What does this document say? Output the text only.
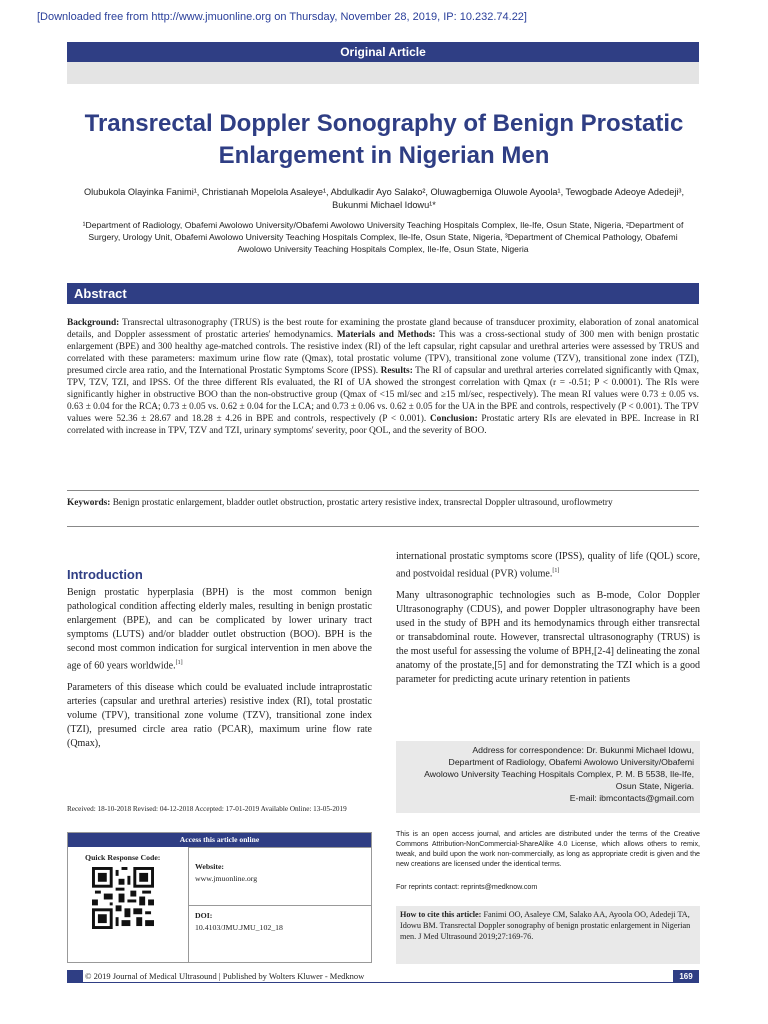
[Downloaded free from http://www.jmuonline.org on Thursday, November 28, 2019, IP: 10.232.74.22]
Original Article
Transrectal Doppler Sonography of Benign Prostatic Enlargement in Nigerian Men
Olubukola Olayinka Fanimi¹, Christianah Mopelola Asaleye¹, Abdulkadir Ayo Salako², Oluwagbemiga Oluwole Ayoola¹, Tewogbade Adeoye Adedeji³, Bukunmi Michael Idowu¹*
¹Department of Radiology, Obafemi Awolowo University/Obafemi Awolowo University Teaching Hospitals Complex, Ile-Ife, Osun State, Nigeria, ²Department of Surgery, Urology Unit, Obafemi Awolowo University Teaching Hospitals Complex, Ile-Ife, Osun State, Nigeria, ³Department of Chemical Pathology, Obafemi Awolowo University Teaching Hospitals Complex, Ile-Ife, Osun State, Nigeria
Abstract
Background: Transrectal ultrasonography (TRUS) is the best route for examining the prostate gland because of transducer proximity, elaboration of zonal anatomical details, and Doppler assessment of prostatic arteries' hemodynamics. Materials and Methods: This was a cross-sectional study of 300 men with benign prostatic enlargement (BPE) and 300 healthy age-matched controls. The resistive index (RI) of the left capsular, right capsular and urethral arteries were assessed by TRUS and correlated with these parameters: maximum urine flow rate (Qmax), total prostatic volume (TPV), transitional zone volume (TZV), transitional zone index (TZI), presumed circle area ratio, and the International Prostatic Symptoms Score (IPSS). Results: The RI of capsular and urethral arteries correlated significantly with Qmax, TPV, TZV, TZI, and IPSS. Of the three different RIs evaluated, the RI of UA showed the strongest correlation with Qmax (r = -0.51; P < 0.0001). The RIs were significantly higher in obstructive BOO than the non-obstructive group (Qmax of <15 ml/sec and ≥15 ml/sec, respectively). The mean RI values were 0.73 ± 0.05 vs. 0.63 ± 0.04 for the RCA; 0.73 ± 0.05 vs. 0.62 ± 0.04 for the LCA; and 0.73 ± 0.06 vs. 0.62 ± 0.05 for the UA in the BPE and controls, respectively (P < 0.001). The TPV values were 52.36 ± 28.67 and 18.28 ± 4.26 in BPE and controls, respectively (P < 0.001). Conclusion: Prostatic artery RIs are elevated in BPE. Increase in RI correlated with increase in TPV, TZV and TZI, urinary symptoms' severity, poor QOL, and the severity of BOO.
Keywords: Benign prostatic enlargement, bladder outlet obstruction, prostatic artery resistive index, transrectal Doppler ultrasound, uroflowmetry
Introduction

Benign prostatic hyperplasia (BPH) is the most common benign pathological condition affecting elderly males, resulting in benign prostatic enlargement (BPE), and can be complicated by lower urinary tract symptoms (LUTS) and/or bladder outlet obstruction (BOO). BPH is the second most common indication for surgical intervention in men above the age of 60 years worldwide.[1]

Parameters of this disease which could be evaluated include intraprostatic arteries (capsular and urethral arteries) resistive index (RI), total prostatic volume (TPV), transitional zone volume (TZV), transitional zone index (TZI), presumed circle area ratio (PCAR), maximum urine flow rate (Qmax),

international prostatic symptoms score (IPSS), quality of life (QOL) score, and postvoidal residual (PVR) volume.[1]

Many ultrasonographic technologies such as B-mode, Color Doppler Ultrasonography (CDUS), and power Doppler ultrasonography have been used in the study of BPH and its hemodynamics through either transrectal or transabdominal route. However, transrectal ultrasonography (TRUS) is the most useful for assessing the volume of BPH,[2-4] delineating the zonal anatomy of the prostate,[5] and for demonstrating the TZI which is a good parameter for predicting acute urinary retention in patients

Address for correspondence: Dr. Bukunmi Michael Idowu,
Department of Radiology, Obafemi Awolowo University/Obafemi
Awolowo University Teaching Hospitals Complex, P. M. B 5538, Ile-Ife,
Osun State, Nigeria.
E-mail: ibmcontacts@gmail.com
Received: 18-10-2018 Revised: 04-12-2018 Accepted: 17-01-2019 Available Online: 13-05-2019
Access this article online
Quick Response Code:
Website:
www.jmuonline.org
DOI:
10.4103/JMU.JMU_102_18
This is an open access journal, and articles are distributed under the terms of the Creative Commons Attribution-NonCommercial-ShareAlike 4.0 License, which allows others to remix, tweak, and build upon the work non-commercially, as long as appropriate credit is given and the new creations are licensed under the identical terms.
For reprints contact: reprints@medknow.com
How to cite this article: Fanimi OO, Asaleye CM, Salako AA, Ayoola OO, Adedeji TA, Idowu BM. Transrectal Doppler sonography of benign prostatic enlargement in Nigerian men. J Med Ultrasound 2019;27:169-76.
© 2019 Journal of Medical Ultrasound | Published by Wolters Kluwer - Medknow	169
